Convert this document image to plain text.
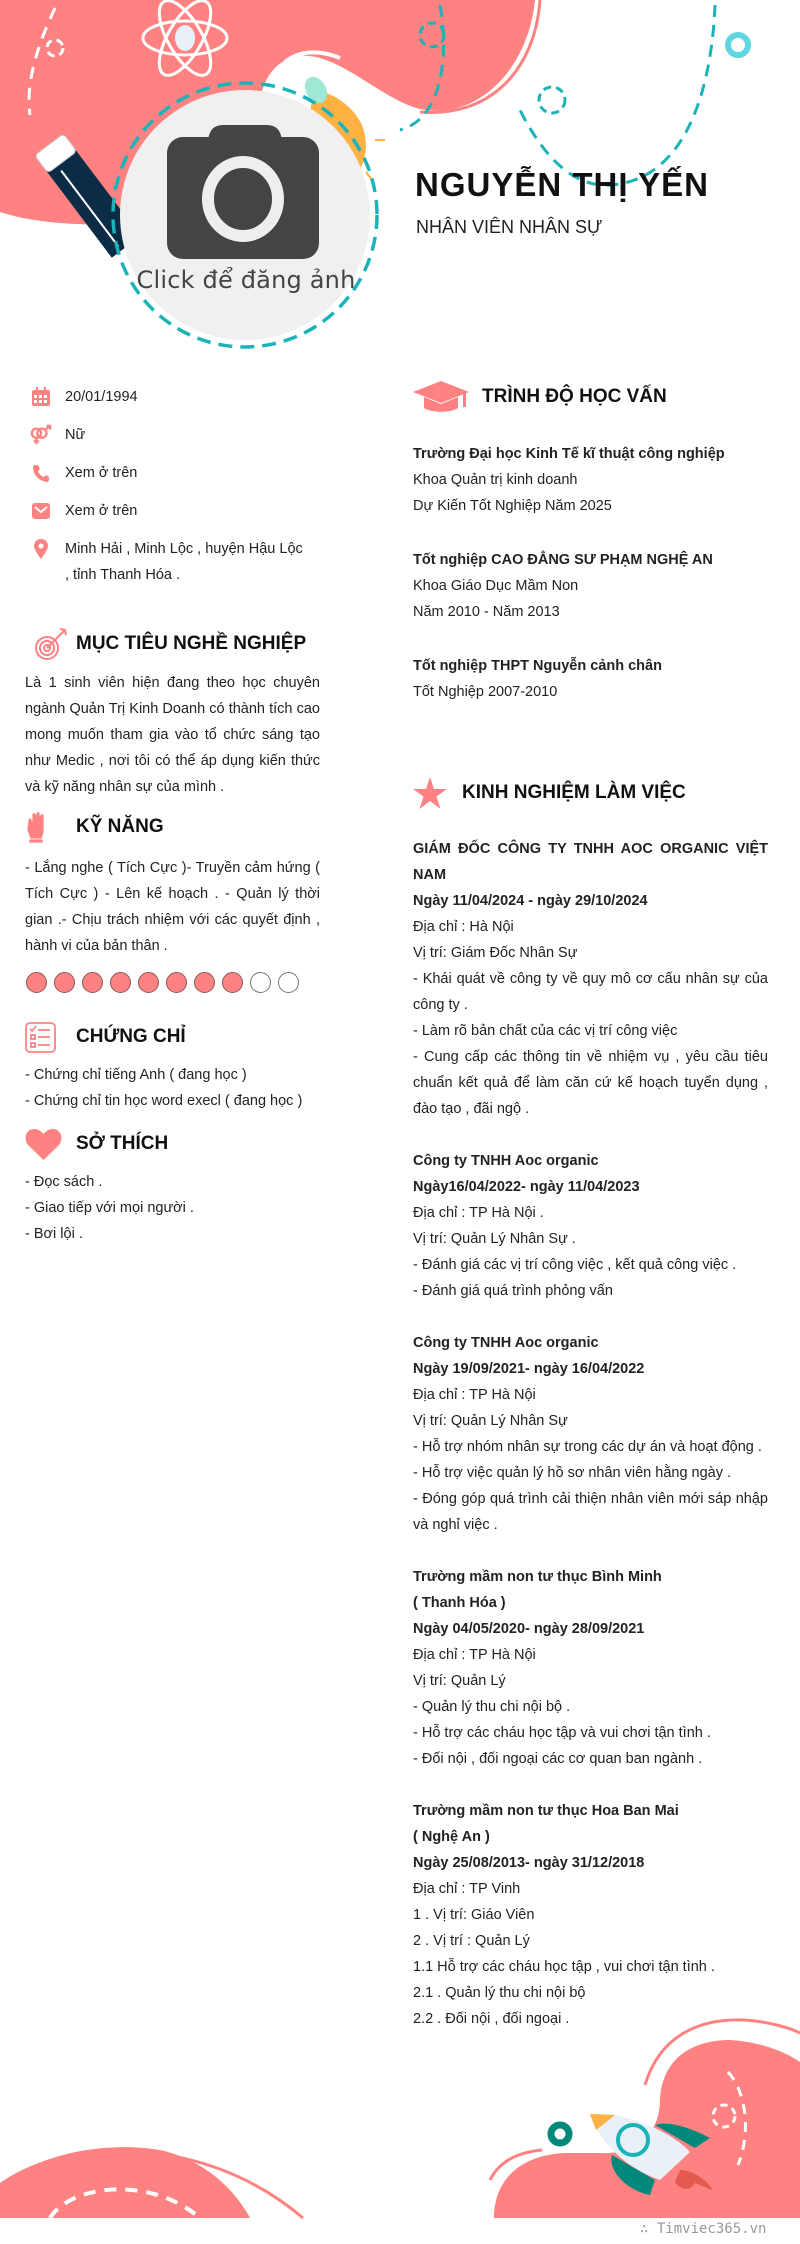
Click để đăng ảnh
NGUYỄN THỊ YẾN
NHÂN VIÊN NHÂN SỰ
20/01/1994
Nữ
Xem ở trên
Xem ở trên
Minh Hải , Minh Lộc , huyện Hậu Lộc , tỉnh Thanh Hóa .
MỤC TIÊU NGHỀ NGHIỆP
Là 1 sinh viên hiện đang theo học chuyên ngành Quản Trị Kinh Doanh có thành tích cao mong muốn tham gia vào tổ chức sáng tạo như Medic , nơi tôi có thể áp dụng kiến thức và kỹ năng nhân sự của mình .
KỸ NĂNG
- Lắng nghe ( Tích Cực )- Truyền cảm hứng ( Tích Cực ) - Lên kế hoạch . - Quản lý thời gian .- Chịu trách nhiệm với các quyết định , hành vi của bản thân .
CHỨNG CHỈ
- Chứng chỉ tiếng Anh ( đang học )
- Chứng chỉ tin học word execl ( đang học )
SỞ THÍCH
- Đọc sách .
- Giao tiếp với mọi người .
- Bơi lội .
TRÌNH ĐỘ HỌC VẤN
Trường Đại học Kinh Tế kĩ thuật công nghiệp
Khoa Quản trị kinh doanh
Dự Kiến Tốt Nghiệp Năm 2025
Tốt nghiệp CAO ĐẲNG SƯ PHẠM NGHỆ AN
Khoa Giáo Dục Mầm Non
Năm 2010 - Năm 2013
Tốt nghiệp THPT Nguyễn cảnh chân
Tốt Nghiệp 2007-2010
KINH NGHIỆM LÀM VIỆC
GIÁM ĐỐC CÔNG TY TNHH AOC ORGANIC VIỆT NAM
Ngày 11/04/2024 - ngày 29/10/2024
Địa chỉ : Hà Nội
Vị trí: Giám Đốc Nhân Sự
- Khái quát về công ty về quy mô cơ cấu nhân sự của công ty .
- Làm rõ bản chất của các vị trí công việc
- Cung cấp các thông tin về nhiệm vụ , yêu cầu tiêu chuẩn kết quả để làm căn cứ kế hoạch tuyển dụng , đào tạo , đãi ngộ .
Công ty TNHH Aoc organic
Ngày16/04/2022- ngày 11/04/2023
Địa chỉ : TP Hà Nội .
Vị trí: Quản Lý Nhân Sự .
- Đánh giá các vị trí công việc , kết quả công việc .
- Đánh giá quá trình phỏng vấn
Công ty TNHH Aoc organic
Ngày 19/09/2021- ngày 16/04/2022
Địa chỉ : TP Hà Nội
Vị trí: Quản Lý Nhân Sự
- Hỗ trợ nhóm nhân sự trong các dự án và hoạt động .
- Hỗ trợ việc quản lý hồ sơ nhân viên hằng ngày .
- Đóng góp quá trình cải thiện nhân viên mới sáp nhập và nghỉ việc .
Trường mầm non tư thục Bình Minh
( Thanh Hóa )
Ngày 04/05/2020- ngày 28/09/2021
Địa chỉ : TP Hà Nội
Vị trí: Quản Lý
- Quản lý thu chi nội bộ .
- Hỗ trợ các cháu học tập và vui chơi tận tình .
- Đối nội , đối ngoại các cơ quan ban ngành .
Trường mầm non tư thục Hoa Ban Mai
( Nghệ An )
Ngày 25/08/2013- ngày 31/12/2018
Địa chỉ : TP Vinh
1 . Vị trí: Giáo Viên
2 . Vị trí : Quản Lý
1.1 Hỗ trợ các cháu học tập , vui chơi tận tình .
2.1 . Quản lý thu chi nội bộ
2.2 . Đối nội , đối ngoại .
∴ Timviec365.vn
